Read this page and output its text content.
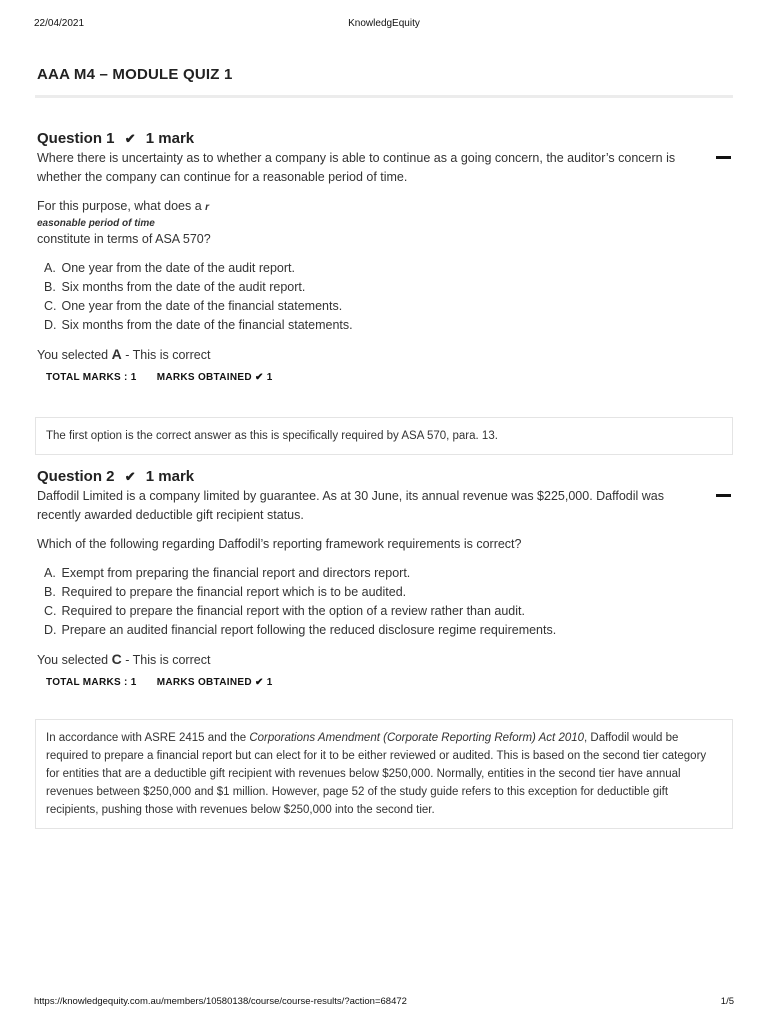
22/04/2021	KnowledgEquity
AAA M4 – MODULE QUIZ 1
Question 1 ✔ 1 mark
Where there is uncertainty as to whether a company is able to continue as a going concern, the auditor’s concern is whether the company can continue for a reasonable period of time.
For this purpose, what does a r
easonable period of time
constitute in terms of ASA 570?
A. One year from the date of the audit report.
B. Six months from the date of the audit report.
C. One year from the date of the financial statements.
D. Six months from the date of the financial statements.
You selected A - This is correct
TOTAL MARKS : 1 MARKS OBTAINED ✔ 1
The first option is the correct answer as this is specifically required by ASA 570, para. 13.
Question 2 ✔ 1 mark
Daffodil Limited is a company limited by guarantee. As at 30 June, its annual revenue was $225,000. Daffodil was recently awarded deductible gift recipient status.
Which of the following regarding Daffodil’s reporting framework requirements is correct?
A. Exempt from preparing the financial report and directors report.
B. Required to prepare the financial report which is to be audited.
C. Required to prepare the financial report with the option of a review rather than audit.
D. Prepare an audited financial report following the reduced disclosure regime requirements.
You selected C - This is correct
TOTAL MARKS : 1 MARKS OBTAINED ✔ 1
In accordance with ASRE 2415 and the Corporations Amendment (Corporate Reporting Reform) Act 2010, Daffodil would be required to prepare a financial report but can elect for it to be either reviewed or audited. This is based on the second tier category for entities that are a deductible gift recipient with revenues below $250,000. Normally, entities in the second tier have annual revenues between $250,000 and $1 million. However, page 52 of the study guide refers to this exception for deductible gift recipients, pushing those with revenues below $250,000 into the second tier.
https://knowledgequity.com.au/members/10580138/course/course-results/?action=68472	1/5
